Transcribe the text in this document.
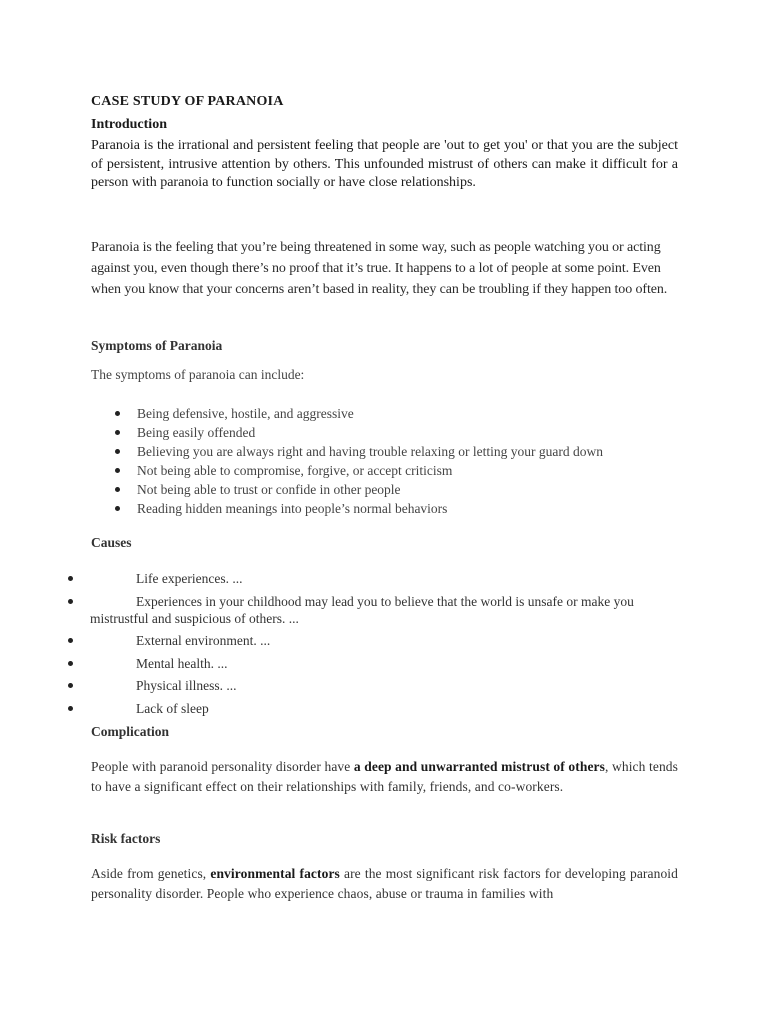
CASE STUDY OF PARANOIA

Introduction

Paranoia is the irrational and persistent feeling that people are 'out to get you' or that you are the subject of persistent, intrusive attention by others. This unfounded mistrust of others can make it difficult for a person with paranoia to function socially or have close relationships.

Paranoia is the feeling that you’re being threatened in some way, such as people watching you or acting against you, even though there’s no proof that it’s true. It happens to a lot of people at some point. Even when you know that your concerns aren’t based in reality, they can be troubling if they happen too often.

Symptoms of Paranoia

The symptoms of paranoia can include:

Being defensive, hostile, and aggressive
Being easily offended
Believing you are always right and having trouble relaxing or letting your guard down
Not being able to compromise, forgive, or accept criticism
Not being able to trust or confide in other people
Reading hidden meanings into people’s normal behaviors

Causes

Life experiences. ...
Experiences in your childhood may lead you to believe that the world is unsafe or make you mistrustful and suspicious of others. ...
External environment. ...
Mental health. ...
Physical illness. ...
Lack of sleep

Complication

People with paranoid personality disorder have a deep and unwarranted mistrust of others, which tends to have a significant effect on their relationships with family, friends, and co-workers.

Risk factors

Aside from genetics, environmental factors are the most significant risk factors for developing paranoid personality disorder. People who experience chaos, abuse or trauma in families with
